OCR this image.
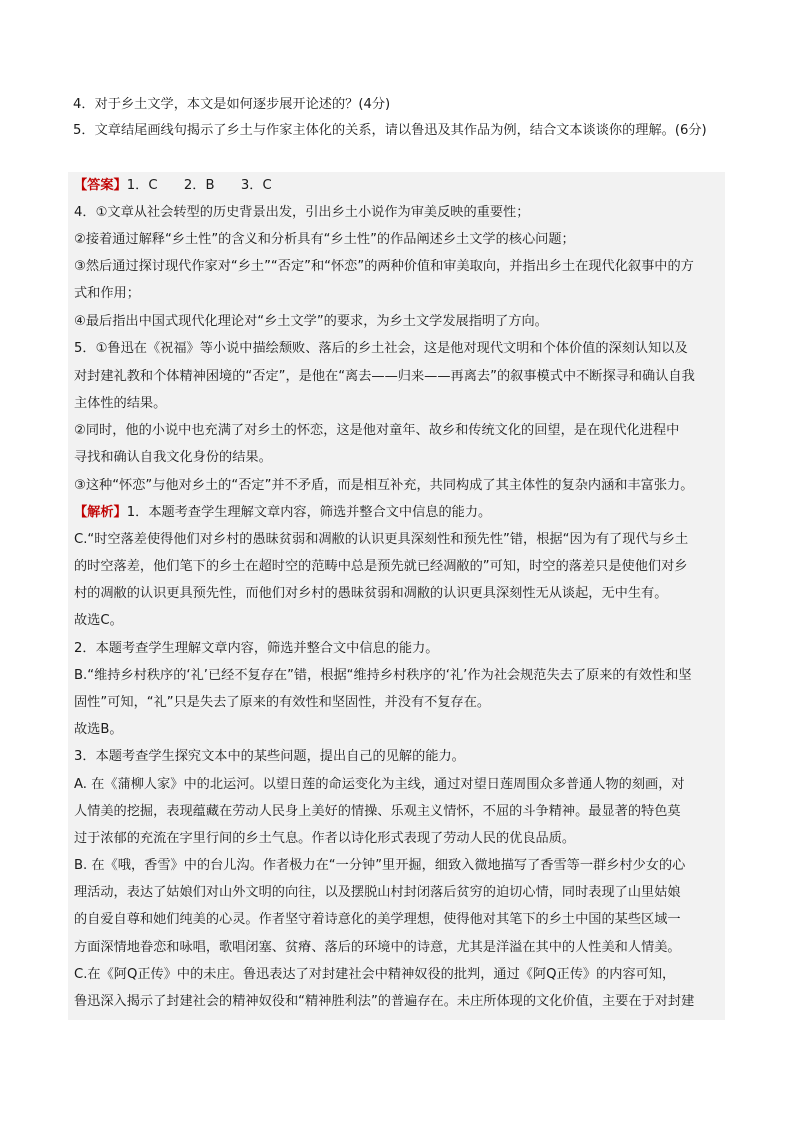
4．对于乡土文学，本文是如何逐步展开论述的？(4分)
5．文章结尾画线句揭示了乡土与作家主体化的关系，请以鲁迅及其作品为例，结合文本谈谈你的理解。(6分)
【答案】1．C　　2．B　　3．C
4．①文章从社会转型的历史背景出发，引出乡土小说作为审美反映的重要性；
②接着通过解释“乡土性”的含义和分析具有“乡土性”的作品阐述乡土文学的核心问题；
③然后通过探讨现代作家对“乡土”“否定”和“怀恋”的两种价值和审美取向，并指出乡土在现代化叙事中的方
式和作用；
④最后指出中国式现代化理论对“乡土文学”的要求，为乡土文学发展指明了方向。
5．①鲁迅在《祝福》等小说中描绘颓败、落后的乡土社会，这是他对现代文明和个体价值的深刻认知以及
对封建礼教和个体精神困境的“否定”，是他在“离去——归来——再离去”的叙事模式中不断探寻和确认自我
主体性的结果。
②同时，他的小说中也充满了对乡土的怀恋，这是他对童年、故乡和传统文化的回望，是在现代化进程中
寻找和确认自我文化身份的结果。
③这种“怀恋”与他对乡土的“否定”并不矛盾，而是相互补充，共同构成了其主体性的复杂内涵和丰富张力。
【解析】1．本题考查学生理解文章内容，筛选并整合文中信息的能力。
C.“时空落差使得他们对乡村的愚昧贫弱和凋敝的认识更具深刻性和预先性”错，根据“因为有了现代与乡土
的时空落差，他们笔下的乡土在超时空的范畴中总是预先就已经凋敝的”可知，时空的落差只是使他们对乡
村的凋敝的认识更具预先性，而他们对乡村的愚昧贫弱和凋敝的认识更具深刻性无从谈起，无中生有。
故选C。
2．本题考查学生理解文章内容，筛选并整合文中信息的能力。
B.“维持乡村秩序的‘礼’已经不复存在”错，根据“维持乡村秩序的‘礼’作为社会规范失去了原来的有效性和坚
固性”可知，“礼”只是失去了原来的有效性和坚固性，并没有不复存在。
故选B。
3．本题考查学生探究文本中的某些问题，提出自己的见解的能力。
A. 在《蒲柳人家》中的北运河。以望日莲的命运变化为主线，通过对望日莲周围众多普通人物的刻画，对
人情美的挖掘，表现蕴藏在劳动人民身上美好的情操、乐观主义情怀，不屈的斗争精神。最显著的特色莫
过于浓郁的充流在字里行间的乡土气息。作者以诗化形式表现了劳动人民的优良品质。
B. 在《哦，香雪》中的台儿沟。作者极力在“一分钟”里开掘，细致入微地描写了香雪等一群乡村少女的心
理活动，表达了姑娘们对山外文明的向往，以及摆脱山村封闭落后贫穷的迫切心情，同时表现了山里姑娘
的自爱自尊和她们纯美的心灵。作者坚守着诗意化的美学理想，使得他对其笔下的乡土中国的某些区域一
方面深情地眷恋和咏唱，歌唱闭塞、贫瘠、落后的环境中的诗意，尤其是洋溢在其中的人性美和人情美。
C.在《阿Q正传》中的未庄。鲁迅表达了对封建社会中精神奴役的批判，通过《阿Q正传》的内容可知，
鲁迅深入揭示了封建社会的精神奴役和“精神胜利法”的普遍存在。未庄所体现的文化价值，主要在于对封建
